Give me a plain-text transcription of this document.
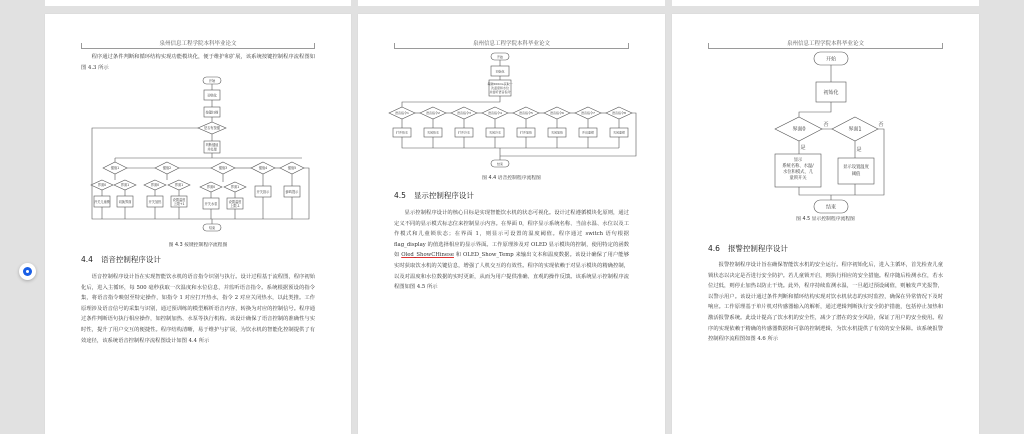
泉州信息工程学院本科毕业论文
程序通过条件判断和循环结构实现功能模块化，便于维护和扩展，该系统按键控制程序流程图如图 4.3 所示
开始
初始化
按键扫描
是否有按键
判断键值
并处理
键值1	键值2	键值3	键值4	键值5
界面0	界面1	界面0	界面1	界面0	界面1
开关儿童锁	切换界面	开关加热	设置温度
上限+1	开关水泵	设置温度
上限-1
开关指示	蜂鸣提示
结束
图 4.3 按键控制程序流程图
4.4 语音控制程序设计
语音控制程序设计旨在实现智能饮水机的语音指令识别与执行。设计过程基于流程图，程序初始化后，进入主循环，每 500 毫秒获取一次温度和水位信息，并监听语音指令。系统根据预设的指令集，将语音指令映射至特定操作，如指令 1 对应打开热水，指令 2 对应关闭热水，以此类推。工作原理涉及语音信号的采集与识别，通过预训练的模型解析语音内容，转换为对应的控制信号。程序通过条件判断语句执行相应操作，如控制加热、水泵等执行机构。该设计确保了语音控制的准确性与实时性，提升了用户交互的便捷性。程序结构清晰，易于维护与扩展，为饮水机的智能化控制提供了有效途径，该系统语音控制程序流程图设计如图 4.4 所示
泉州信息工程学院本科毕业论文
开始
初始化
每隔500ms获取一
次温度和水位
并监听语音指令
语音指令1	语音指令2	语音指令3	语音指令4	语音指令5	语音指令6	语音指令7	语音指令8
打开热水	关闭热水	打开冷水	关闭冷水	打开加热	关闭加热	开启童锁	关闭童锁
结束
图 4.4 语音控制程序流程图
4.5 显示控制程序设计
显示控制程序设计的核心目标是实现智能饮水机的状态可视化。设计过程遵循模块化原则，通过定义不同的显示模式标志位来控制显示内容。在界面 0，程序显示系统名称、当前水温、水位以及工作模式和儿童锁状态；在界面 1，则显示可设置的温度阈值。程序通过 switch 语句根据 flag_display 的值选择相应的显示界面。工作原理涉及对 OLED 显示模块的控制，使用特定的函数如 Oled_ShowCHinese 和 OLED_Show_Temp 来输出文本和温度数据。该设计确保了用户能够实时获取饮水机的关键信息，增强了人机交互的有效性。程序的实现依赖于对显示模块的精确控制，以及对温度和水位数据的实时更新，从而为用户提供准确、直观的操作反馈。该系统显示控制程序流程图如图 4.5 所示
泉州信息工程学院本科毕业论文
开始
初始化
界面0
否
界面1
否
是
显示
系统名称、水温/
水位和模式、儿
童锁开关
是
显示设置温度
阈值
结束
图 4.5 显示控制程序流程图
4.6 报警控制程序设计
报警控制程序设计旨在确保智能饮水机的安全运行。程序初始化后，进入主循环，首先检查儿童锁状态以决定是否进行安全防护。若儿童锁开启，则执行相应的安全措施。程序随后检测水位，若水位过低，则停止加热以防止干烧。此外，程序持续监测水温，一旦超过预设阈值，则触发声光报警，以警示用户。该设计通过条件判断和循环结构实现对饮水机状态的实时监控，确保在异常情况下及时响应。工作原理基于单片机对传感器输入的解析，通过逻辑判断执行安全防护措施，包括停止加热和激活报警系统。此设计提高了饮水机的安全性，减少了潜在的安全风险，保证了用户的安全使用。程序的实现依赖于精确的传感器数据和可靠的控制逻辑，为饮水机提供了有效的安全保障。该系统报警控制程序流程图如图 4.6 所示
